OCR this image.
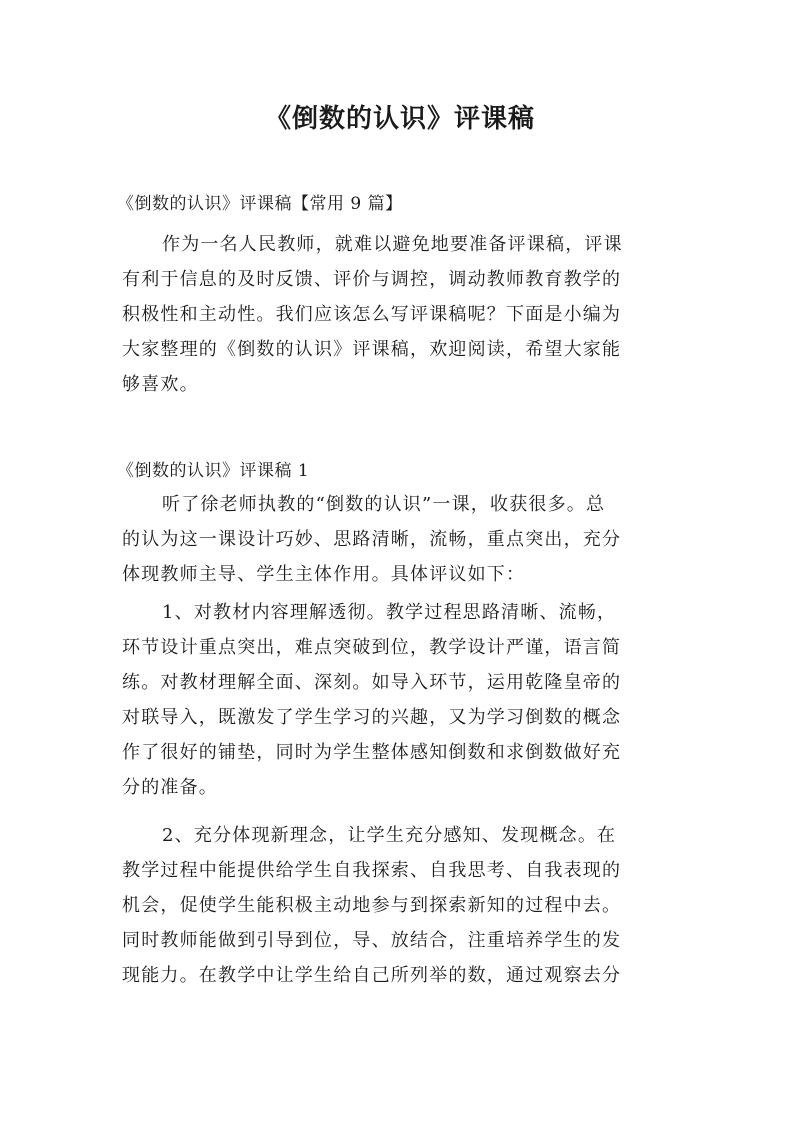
《倒数的认识》评课稿
《倒数的认识》评课稿【常用 9 篇】
作为一名人民教师，就难以避免地要准备评课稿，评课
有利于信息的及时反馈、评价与调控，调动教师教育教学的
积极性和主动性。我们应该怎么写评课稿呢？下面是小编为
大家整理的《倒数的认识》评课稿，欢迎阅读，希望大家能
够喜欢。
《倒数的认识》评课稿 1
听了徐老师执教的“倒数的认识”一课，收获很多。总
的认为这一课设计巧妙、思路清晰，流畅，重点突出，充分
体现教师主导、学生主体作用。具体评议如下：
1、对教材内容理解透彻。教学过程思路清晰、流畅，
环节设计重点突出，难点突破到位，教学设计严谨，语言简
练。对教材理解全面、深刻。如导入环节，运用乾隆皇帝的
对联导入，既激发了学生学习的兴趣，又为学习倒数的概念
作了很好的铺垫，同时为学生整体感知倒数和求倒数做好充
分的准备。
2、充分体现新理念，让学生充分感知、发现概念。在
教学过程中能提供给学生自我探索、自我思考、自我表现的
机会，促使学生能积极主动地参与到探索新知的过程中去。
同时教师能做到引导到位，导、放结合，注重培养学生的发
现能力。在教学中让学生给自己所列举的数，通过观察去分
